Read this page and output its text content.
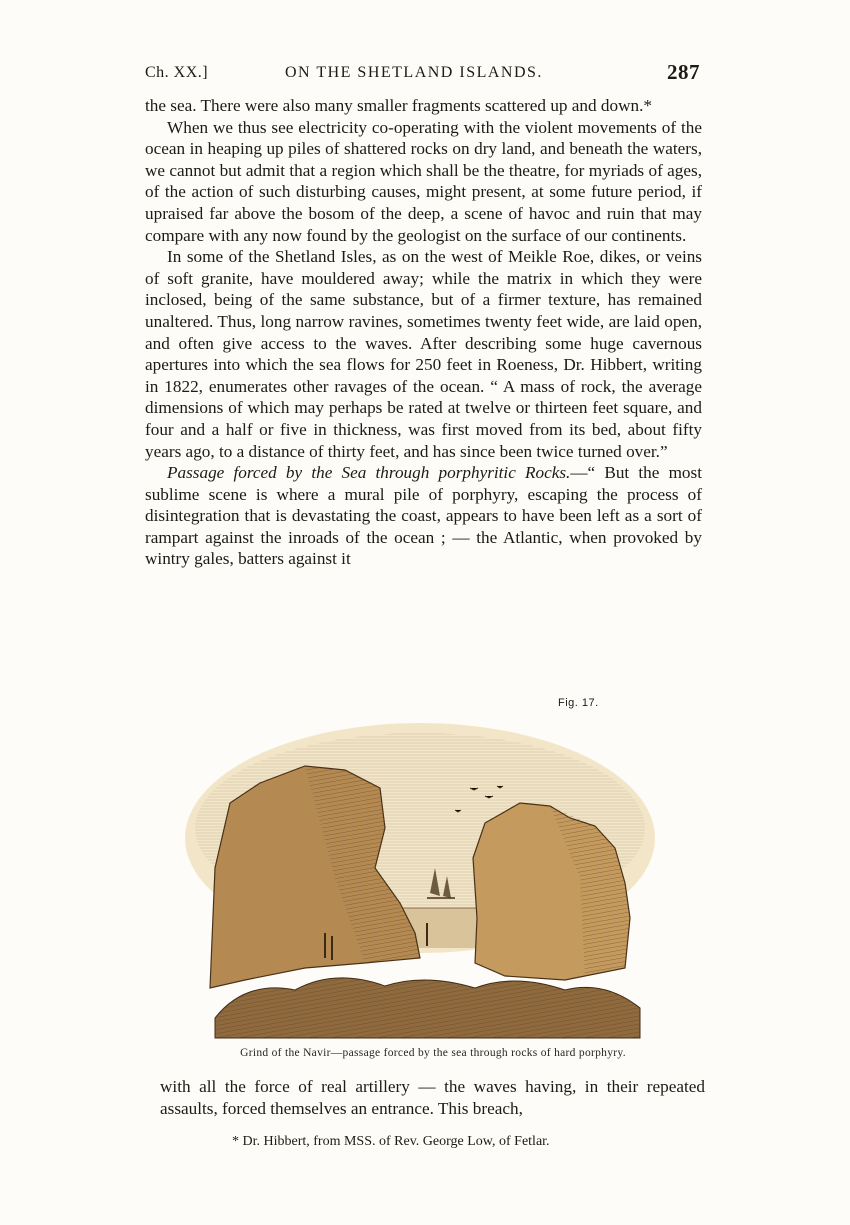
Ch. XX.]	ON THE SHETLAND ISLANDS.	287

the sea. There were also many smaller fragments scattered up and down.*

When we thus see electricity co-operating with the violent movements of the ocean in heaping up piles of shattered rocks on dry land, and beneath the waters, we cannot but admit that a region which shall be the theatre, for myriads of ages, of the action of such disturbing causes, might present, at some future period, if upraised far above the bosom of the deep, a scene of havoc and ruin that may compare with any now found by the geologist on the surface of our continents.

In some of the Shetland Isles, as on the west of Meikle Roe, dikes, or veins of soft granite, have mouldered away; while the matrix in which they were inclosed, being of the same substance, but of a firmer texture, has remained unaltered. Thus, long narrow ravines, sometimes twenty feet wide, are laid open, and often give access to the waves. After describing some huge cavernous apertures into which the sea flows for 250 feet in Roeness, Dr. Hibbert, writing in 1822, enumerates other ravages of the ocean. “ A mass of rock, the average dimensions of which may perhaps be rated at twelve or thirteen feet square, and four and a half or five in thickness, was first moved from its bed, about fifty years ago, to a distance of thirty feet, and has since been twice turned over.”

Passage forced by the Sea through porphyritic Rocks.—“ But the most sublime scene is where a mural pile of porphyry, escaping the process of disintegration that is devastating the coast, appears to have been left as a sort of rampart against the inroads of the ocean ; — the Atlantic, when provoked by wintry gales, batters against it

Fig. 17.
Grind of the Navir—passage forced by the sea through rocks of hard porphyry.

with all the force of real artillery — the waves having, in their repeated assaults, forced themselves an entrance. This breach,

* Dr. Hibbert, from MSS. of Rev. George Low, of Fetlar.
